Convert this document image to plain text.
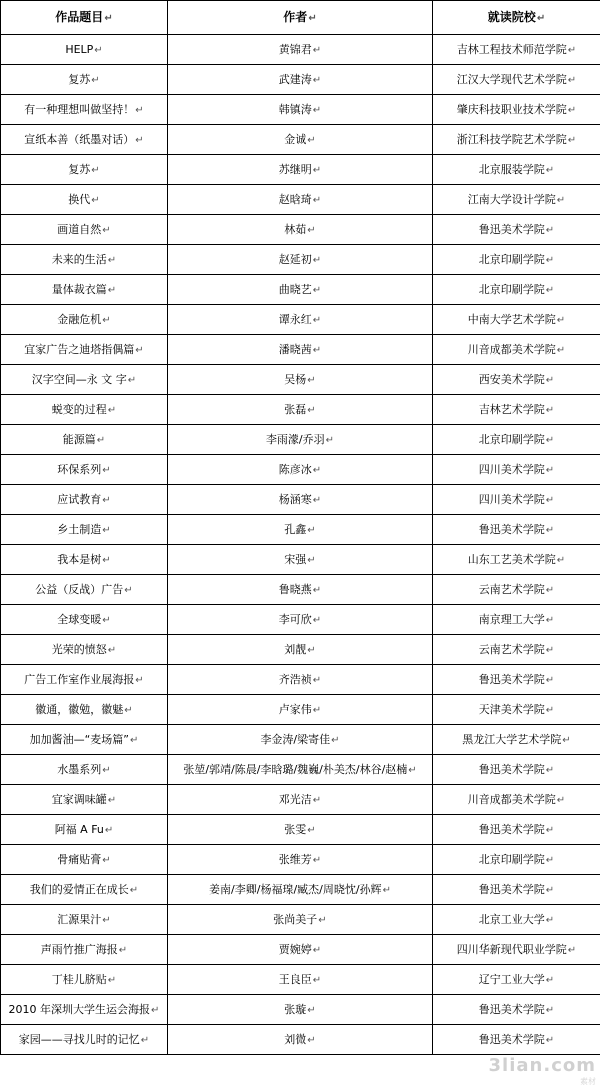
作品题目↵	作者↵	就读院校↵
HELP↵	黄锦君↵	吉林工程技术师范学院↵
复苏↵	武建涛↵	江汉大学现代艺术学院↵
有一种理想叫做坚持！↵	韩镇涛↵	肇庆科技职业技术学院↵
宣纸本善（纸墨对话）↵	金诚↵	浙江科技学院艺术学院↵
复苏↵	苏继明↵	北京服装学院↵
换代↵	赵晗琦↵	江南大学设计学院↵
画道自然↵	林茹↵	鲁迅美术学院↵
未来的生活↵	赵延初↵	北京印刷学院↵
量体裁衣篇↵	曲晓艺↵	北京印刷学院↵
金融危机↵	谭永红↵	中南大学艺术学院↵
宜家广告之迪塔指偶篇↵	潘晓茜↵	川音成都美术学院↵
汉字空间—永 文 字↵	吴杨↵	西安美术学院↵
蜕变的过程↵	张磊↵	吉林艺术学院↵
能源篇↵	李雨濛/乔羽↵	北京印刷学院↵
环保系列↵	陈彦冰↵	四川美术学院↵
应试教育↵	杨涵寒↵	四川美术学院↵
乡土制造↵	孔鑫↵	鲁迅美术学院↵
我本是树↵	宋强↵	山东工艺美术学院↵
公益（反战）广告↵	鲁晓燕↵	云南艺术学院↵
全球变暖↵	李可欣↵	南京理工大学↵
光荣的愤怒↵	刘靓↵	云南艺术学院↵
广告工作室作业展海报↵	齐浩祯↵	鲁迅美术学院↵
徽通，徽勉，徽魅↵	卢家伟↵	天津美术学院↵
加加酱油—“麦场篇”↵	李金涛/梁寄佳↵	黑龙江大学艺术学院↵
水墨系列↵	张堃/郭靖/陈晨/李晗璐/魏巍/朴美杰/林谷/赵楠↵	鲁迅美术学院↵
宜家调味罐↵	邓光洁↵	川音成都美术学院↵
阿福 A Fu↵	张雯↵	鲁迅美术学院↵
骨痛贴膏↵	张维芳↵	北京印刷学院↵
我们的爱情正在成长↵	姜南/李卿/杨福瑔/臧杰/周晓忱/孙辉↵	鲁迅美术学院↵
汇源果汁↵	张尚美子↵	北京工业大学↵
声雨竹推广海报↵	贾婉婷↵	四川华新现代职业学院↵
丁桂儿脐贴↵	王良臣↵	辽宁工业大学↵
2010 年深圳大学生运会海报↵	张璇↵	鲁迅美术学院↵
家园——寻找儿时的记忆↵	刘微↵	鲁迅美术学院↵
3lian.com
素材
